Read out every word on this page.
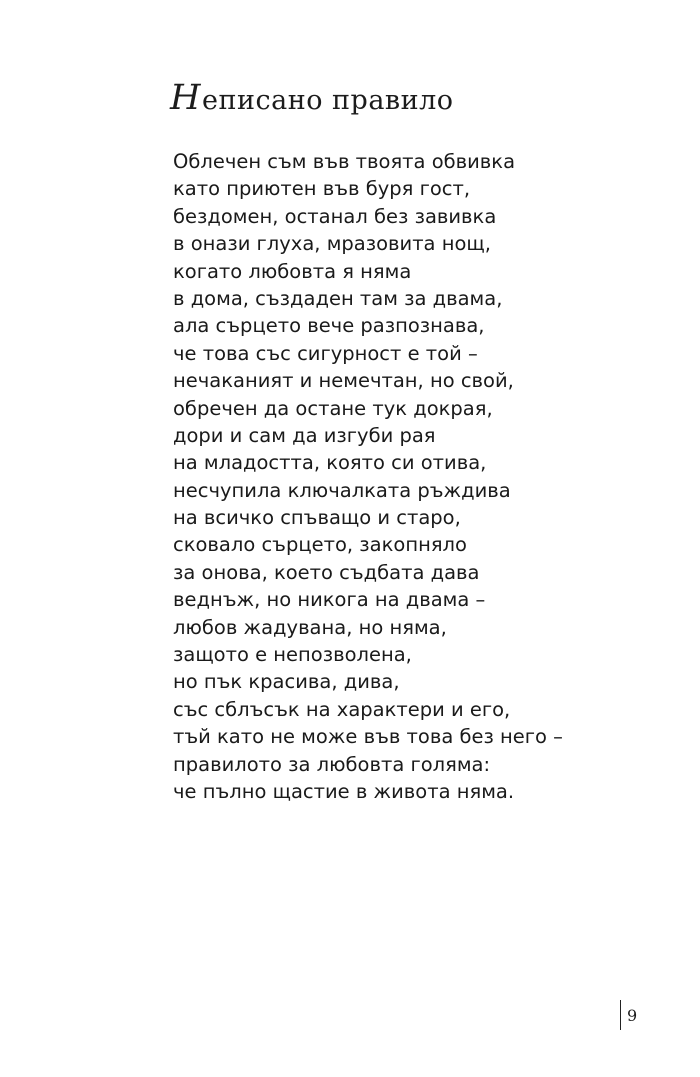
Неписано правило
Облечен съм във твоята обвивка
като приютен във буря гост,
бездомен, останал без завивка
в онази глуха, мразовита нощ,
когато любовта я няма
в дома, създаден там за двама,
ала сърцето вече разпознава,
че това със сигурност е той –
нечаканият и немечтан, но свой,
обречен да остане тук докрая,
дори и сам да изгуби рая
на младостта, която си отива,
несчупила ключалката ръждива
на всичко спъващо и старо,
сковало сърцето, закопняло
за онова, което съдбата дава
веднъж, но никога на двама –
любов жадувана, но няма,
защото е непозволена,
но пък красива, дива,
със сблъсък на характери и его,
тъй като не може във това без него –
правилото за любовта голяма:
че пълно щастие в живота няма.
9
